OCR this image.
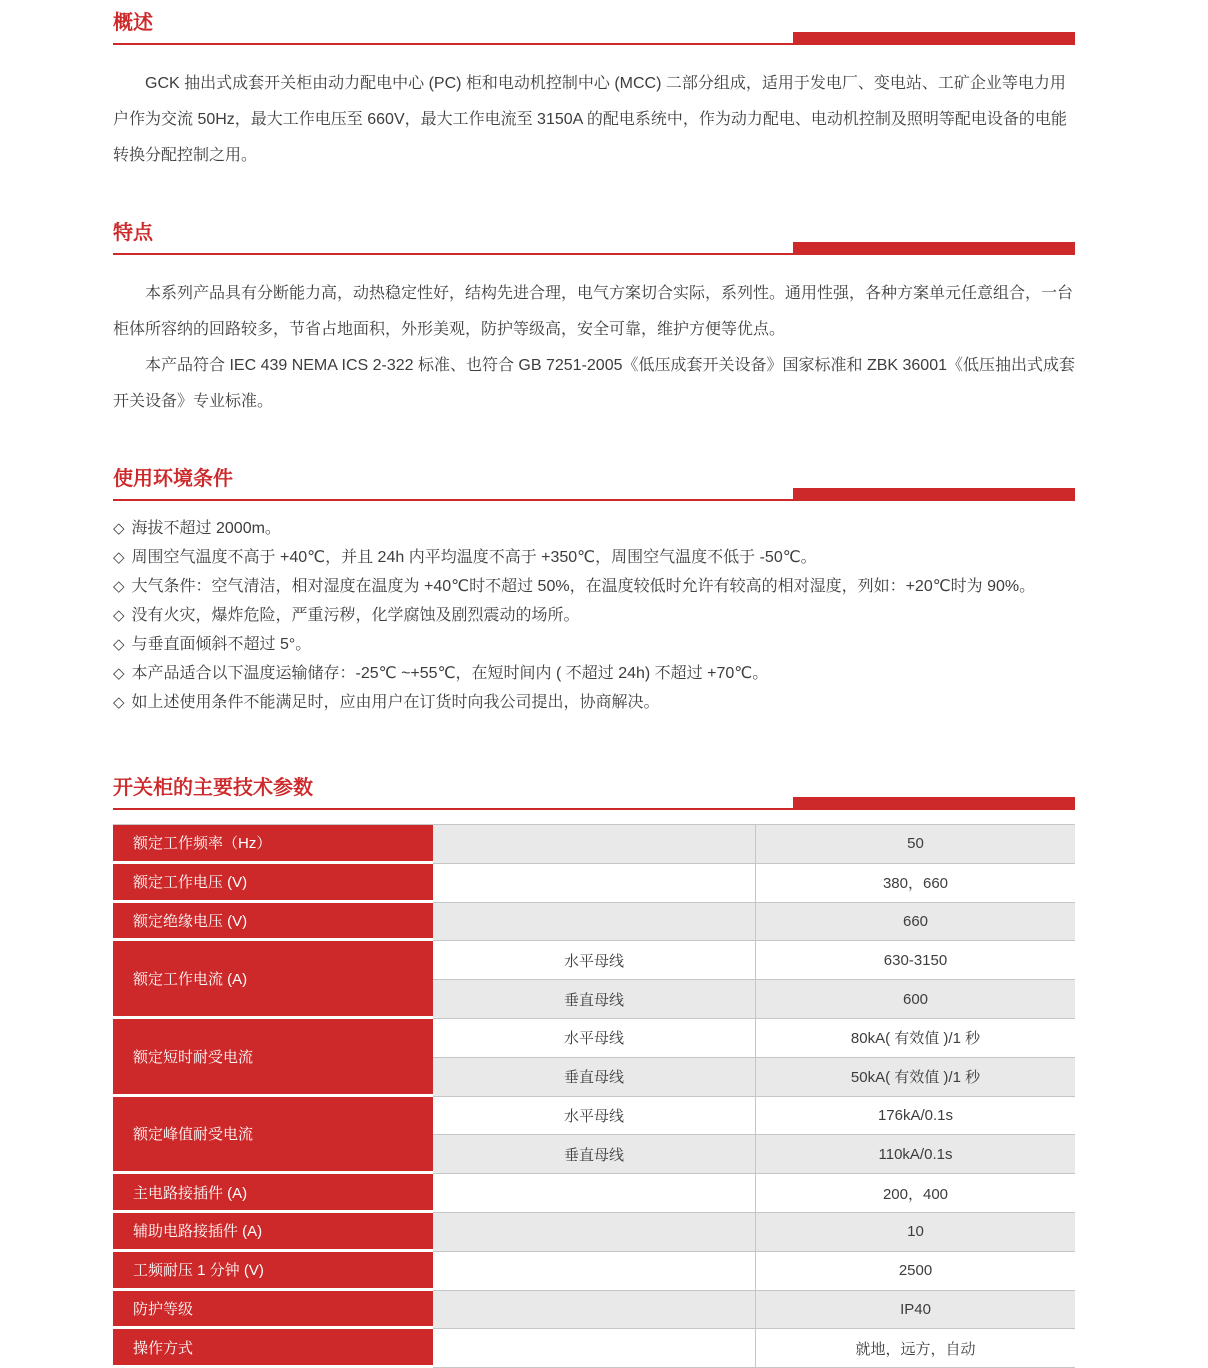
概述

GCK 抽出式成套开关柜由动力配电中心 (PC) 柜和电动机控制中心 (MCC) 二部分组成，适用于发电厂、变电站、工矿企业等电力用户作为交流 50Hz，最大工作电压至 660V，最大工作电流至 3150A 的配电系统中，作为动力配电、电动机控制及照明等配电设备的电能转换分配控制之用。

特点

本系列产品具有分断能力高，动热稳定性好，结构先进合理，电气方案切合实际，系列性。通用性强，各种方案单元任意组合，一台柜体所容纳的回路较多，节省占地面积，外形美观，防护等级高，安全可靠，维护方便等优点。

本产品符合 IEC 439 NEMA ICS 2-322 标准、也符合 GB 7251-2005《低压成套开关设备》国家标准和 ZBK 36001《低压抽出式成套开关设备》专业标准。

使用环境条件
◇ 海拔不超过 2000m。
◇ 周围空气温度不高于 +40℃，并且 24h 内平均温度不高于 +350℃，周围空气温度不低于 -50℃。
◇ 大气条件：空气清洁，相对湿度在温度为 +40℃时不超过 50%，在温度较低时允许有较高的相对湿度，列如：+20℃时为 90%。
◇ 没有火灾，爆炸危险，严重污秽，化学腐蚀及剧烈震动的场所。
◇ 与垂直面倾斜不超过 5°。
◇ 本产品适合以下温度运输储存：-25℃ ~+55℃，在短时间内 ( 不超过 24h) 不超过 +70℃。
◇ 如上述使用条件不能满足时，应由用户在订货时向我公司提出，协商解决。
开关柜的主要技术参数
额定工作频率（Hz）	50
额定工作电压 (V)	380，660
额定绝缘电压 (V)	660
额定工作电流 (A)
水平母线	630-3150
垂直母线	600
额定短时耐受电流
水平母线	80kA( 有效值 )/1 秒
垂直母线	50kA( 有效值 )/1 秒
额定峰值耐受电流
水平母线	176kA/0.1s
垂直母线	110kA/0.1s
主电路接插件 (A)	200，400
辅助电路接插件 (A)	10
工频耐压 1 分钟 (V)	2500
防护等级	IP40
操作方式	就地，远方，自动
